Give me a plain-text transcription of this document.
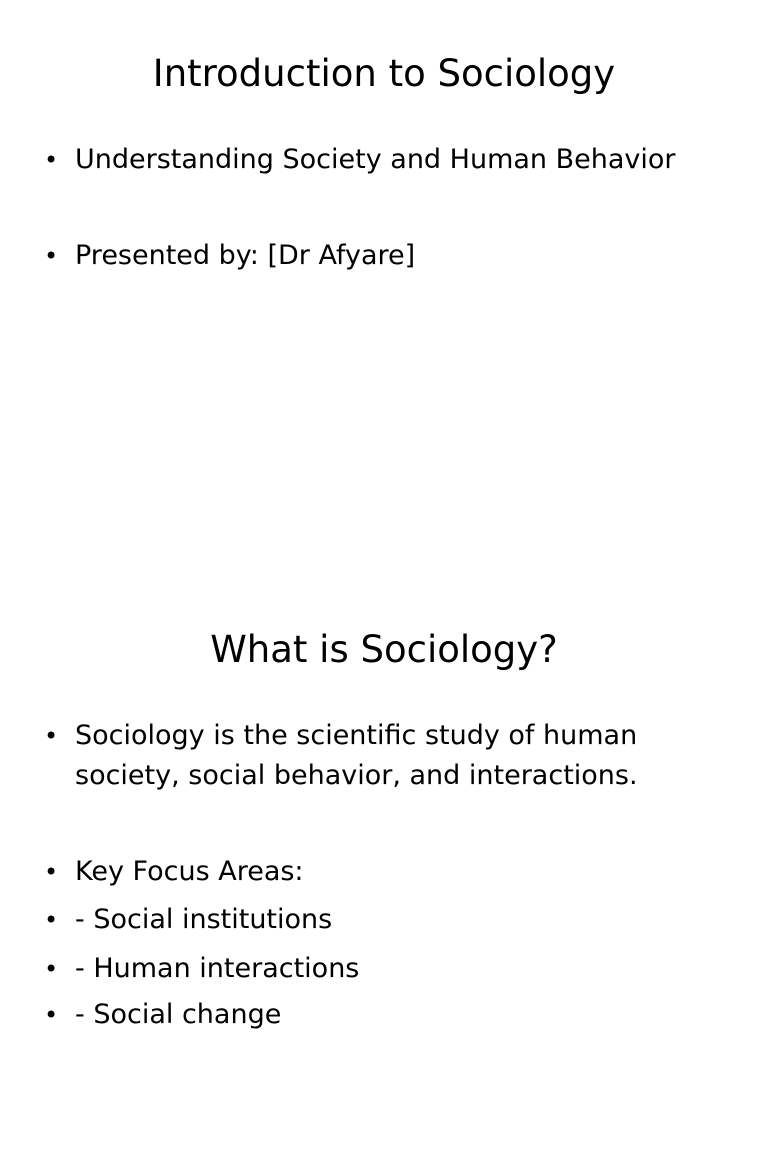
Introduction to Sociology
• Understanding Society and Human Behavior
• Presented by: [Dr Afyare]
What is Sociology?
• Sociology is the scientific study of human society, social behavior, and interactions.
• Key Focus Areas:
• - Social institutions
• - Human interactions
• - Social change
